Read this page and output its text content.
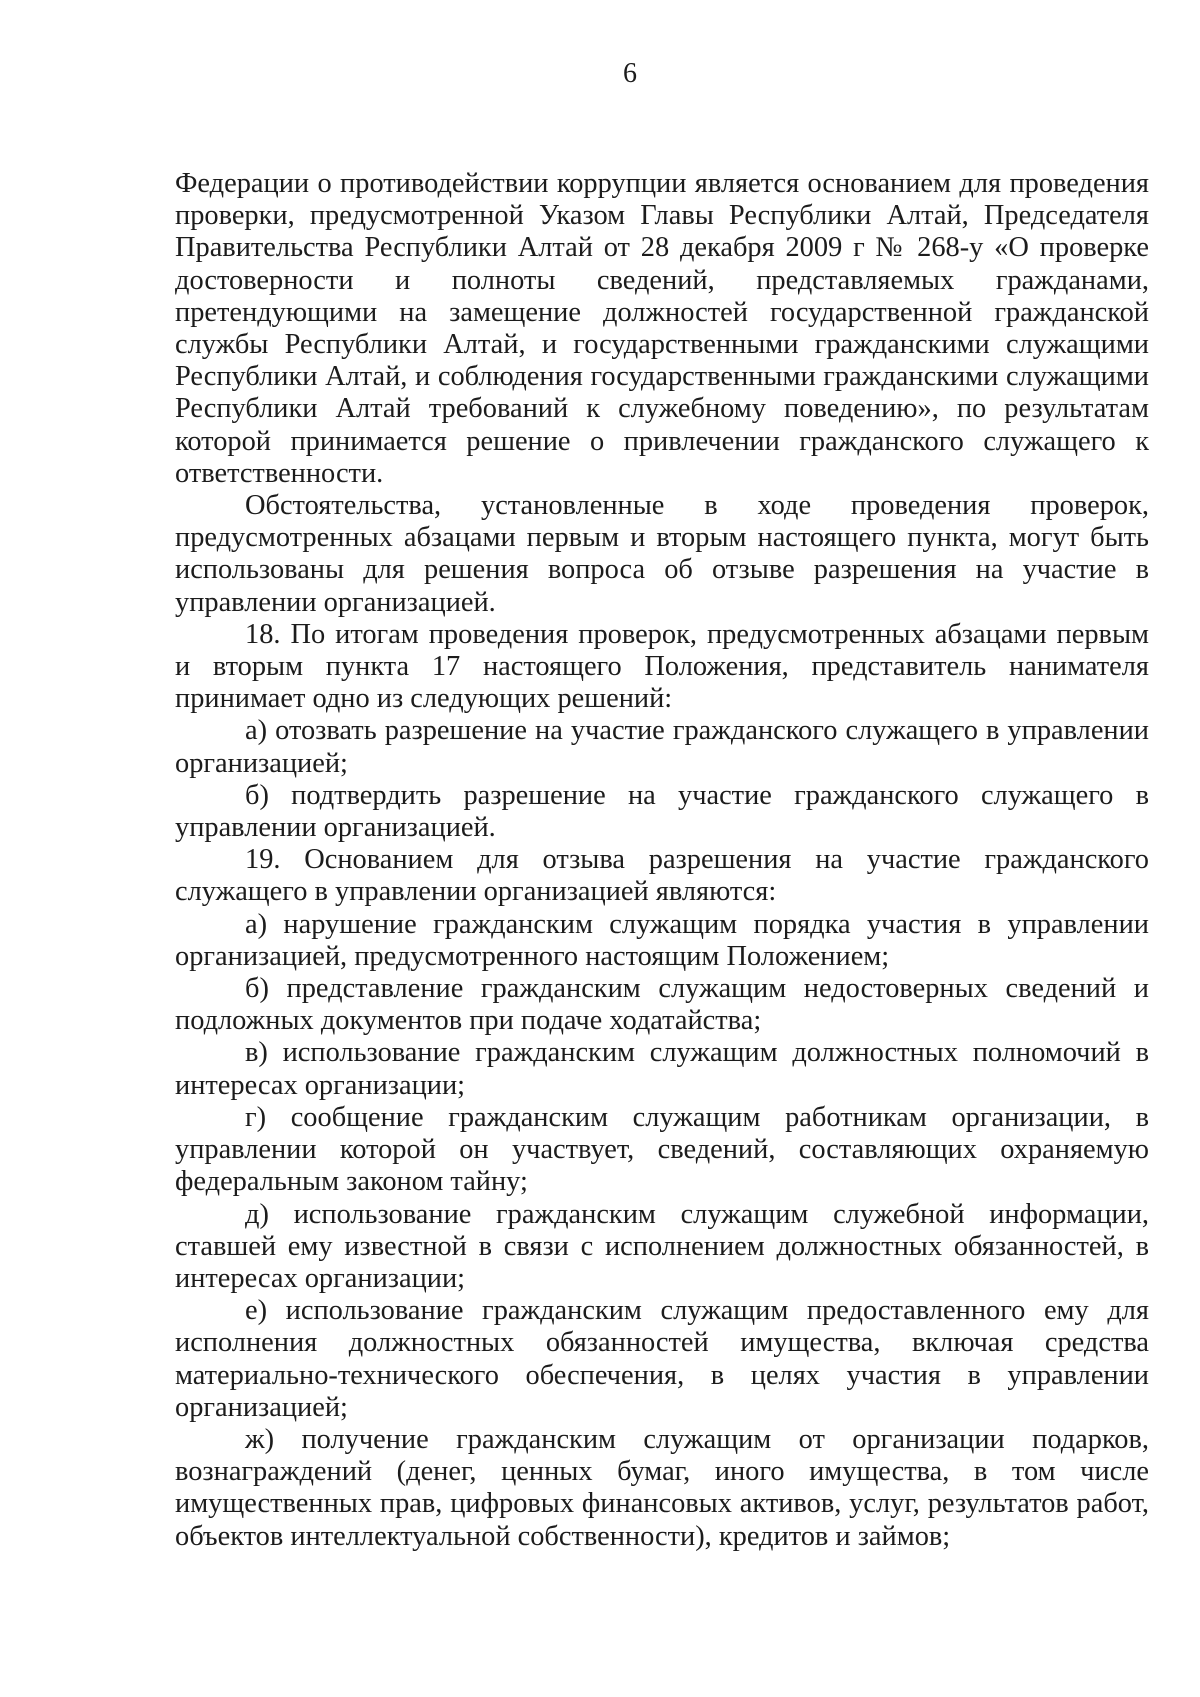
6

Федерации о противодействии коррупции является основанием для проведения проверки, предусмотренной Указом Главы Республики Алтай, Председателя Правительства Республики Алтай от 28 декабря 2009 г № 268-у «О проверке достоверности и полноты сведений, представляемых гражданами, претендующими на замещение должностей государственной гражданской службы Республики Алтай, и государственными гражданскими служащими Республики Алтай, и соблюдения государственными гражданскими служащими Республики Алтай требований к служебному поведению», по результатам которой принимается решение о привлечении гражданского служащего к ответственности.

Обстоятельства, установленные в ходе проведения проверок, предусмотренных абзацами первым и вторым настоящего пункта, могут быть использованы для решения вопроса об отзыве разрешения на участие в управлении организацией.

18. По итогам проведения проверок, предусмотренных абзацами первым и вторым пункта 17 настоящего Положения, представитель нанимателя принимает одно из следующих решений:

а) отозвать разрешение на участие гражданского служащего в управлении организацией;

б) подтвердить разрешение на участие гражданского служащего в управлении организацией.

19. Основанием для отзыва разрешения на участие гражданского служащего в управлении организацией являются:

а) нарушение гражданским служащим порядка участия в управлении организацией, предусмотренного настоящим Положением;

б) представление гражданским служащим недостоверных сведений и подложных документов при подаче ходатайства;

в) использование гражданским служащим должностных полномочий в интересах организации;

г) сообщение гражданским служащим работникам организации, в управлении которой он участвует, сведений, составляющих охраняемую федеральным законом тайну;

д) использование гражданским служащим служебной информации, ставшей ему известной в связи с исполнением должностных обязанностей, в интересах организации;

е) использование гражданским служащим предоставленного ему для исполнения должностных обязанностей имущества, включая средства материально-технического обеспечения, в целях участия в управлении организацией;

ж) получение гражданским служащим от организации подарков, вознаграждений (денег, ценных бумаг, иного имущества, в том числе имущественных прав, цифровых финансовых активов, услуг, результатов работ, объектов интеллектуальной собственности), кредитов и займов;
